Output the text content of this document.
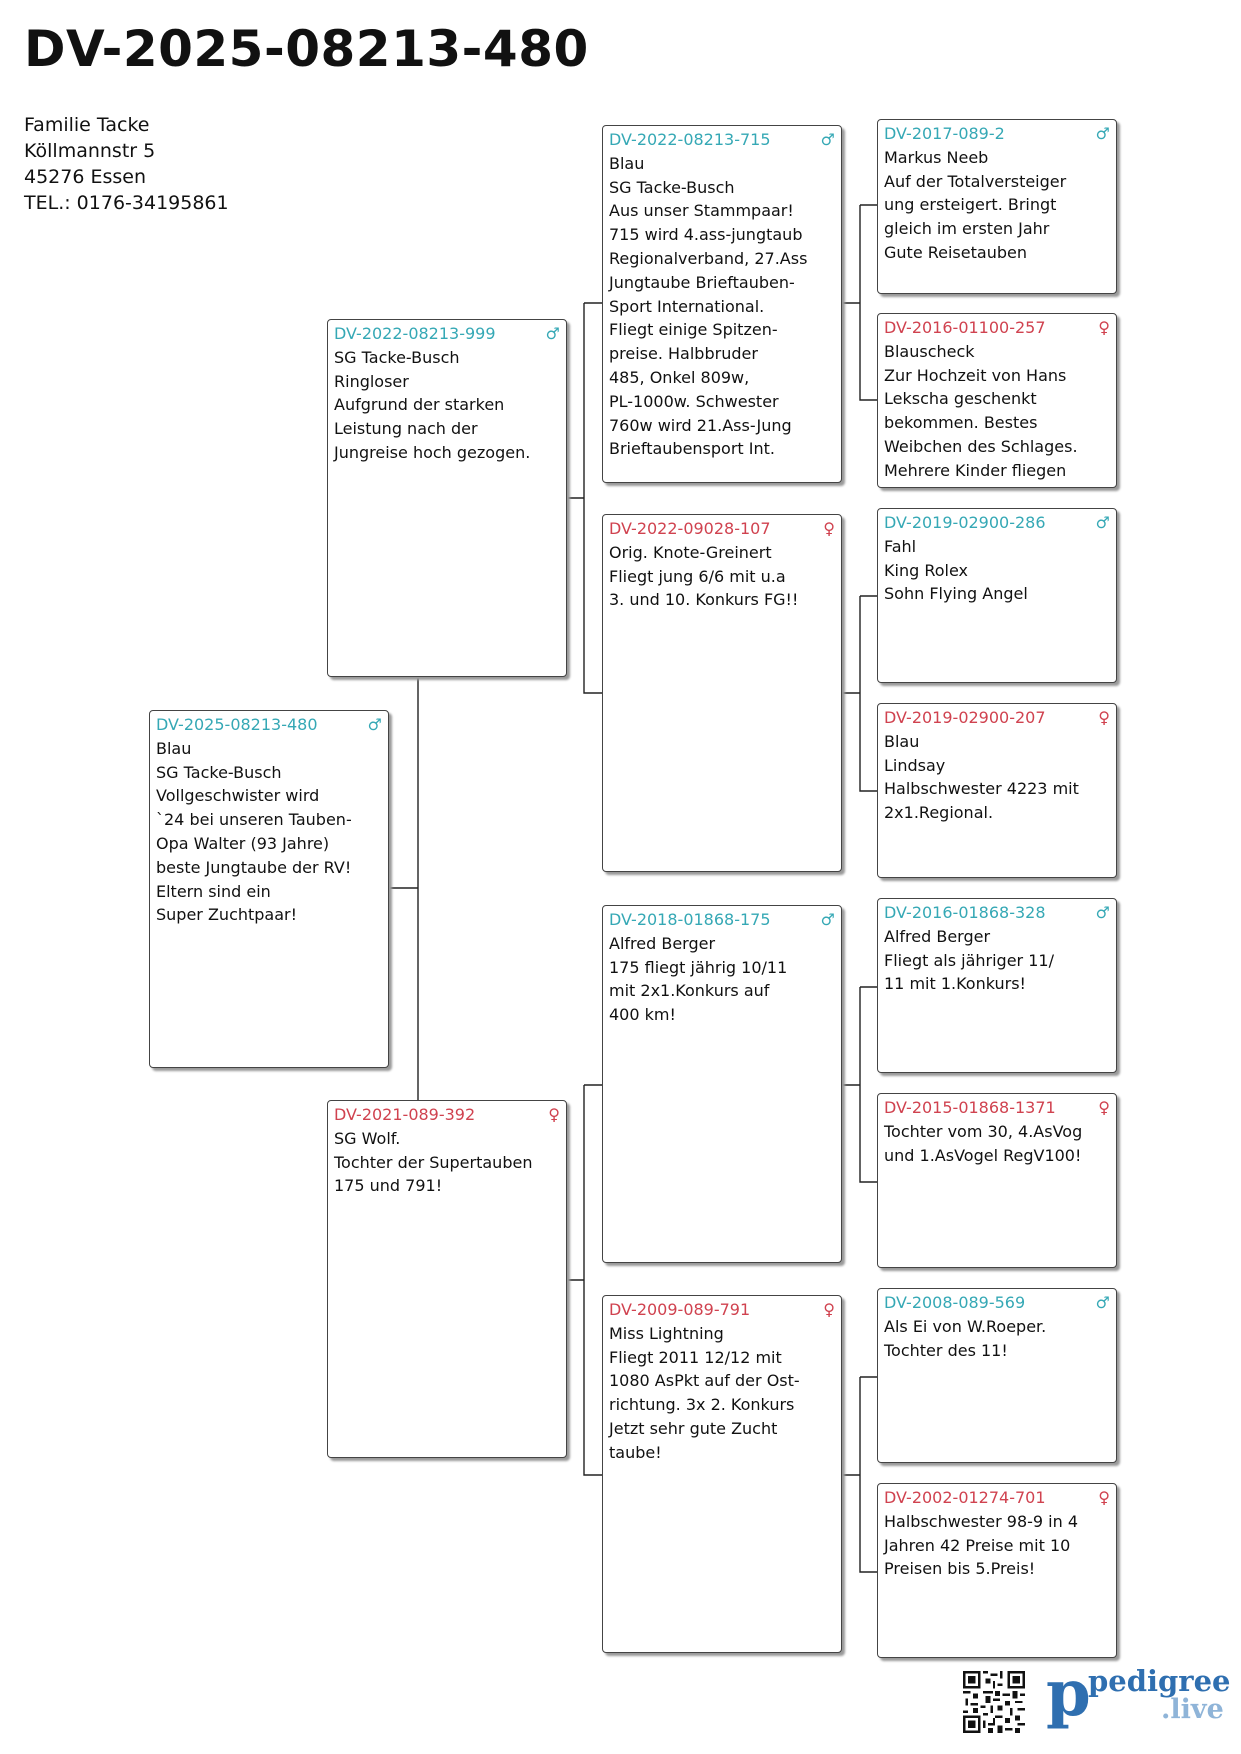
DV-2025-08213-480
Familie Tacke
Köllmannstr 5
45276 Essen
TEL.: 0176-34195861
DV-2025-08213-480	♂
Blau
SG Tacke-Busch
Vollgeschwister wird
`24 bei unseren Tauben-
Opa Walter (93 Jahre)
beste Jungtaube der RV!
Eltern sind ein
Super Zuchtpaar!
DV-2022-08213-999	♂
SG Tacke-Busch
Ringloser
Aufgrund der starken
Leistung nach der
Jungreise hoch gezogen.
DV-2021-089-392	♀
SG Wolf.
Tochter der Supertauben
175 und 791!
DV-2022-08213-715	♂
Blau
SG Tacke-Busch
Aus unser Stammpaar!
715 wird 4.ass-jungtaub
Regionalverband, 27.Ass
Jungtaube Brieftauben-
Sport International.
Fliegt einige Spitzen-
preise. Halbbruder
485, Onkel 809w,
PL-1000w. Schwester
760w wird 21.Ass-Jung
Brieftaubensport Int.
DV-2022-09028-107	♀
Orig. Knote-Greinert
Fliegt jung 6/6 mit u.a
3. und 10. Konkurs FG!!
DV-2018-01868-175	♂
Alfred Berger
175 fliegt jährig 10/11
mit 2x1.Konkurs auf
400 km!
DV-2009-089-791	♀
Miss Lightning
Fliegt 2011 12/12 mit
1080 AsPkt auf der Ost-
richtung. 3x 2. Konkurs
Jetzt sehr gute Zucht
taube!
DV-2017-089-2	♂
Markus Neeb
Auf der Totalversteiger
ung ersteigert. Bringt
gleich im ersten Jahr
Gute Reisetauben
DV-2016-01100-257	♀
Blauscheck
Zur Hochzeit von Hans
Lekscha geschenkt
bekommen. Bestes
Weibchen des Schlages.
Mehrere Kinder fliegen
DV-2019-02900-286	♂
Fahl
King Rolex
Sohn Flying Angel
DV-2019-02900-207	♀
Blau
Lindsay
Halbschwester 4223 mit
2x1.Regional.
DV-2016-01868-328	♂
Alfred Berger
Fliegt als jähriger 11/
11 mit 1.Konkurs!
DV-2015-01868-1371	♀
Tochter vom 30, 4.AsVog
und 1.AsVogel RegV100!
DV-2008-089-569	♂
Als Ei von W.Roeper.
Tochter des 11!
DV-2002-01274-701	♀
Halbschwester 98-9 in 4
Jahren 42 Preise mit 10
Preisen bis 5.Preis!
p
pedigree
.live
